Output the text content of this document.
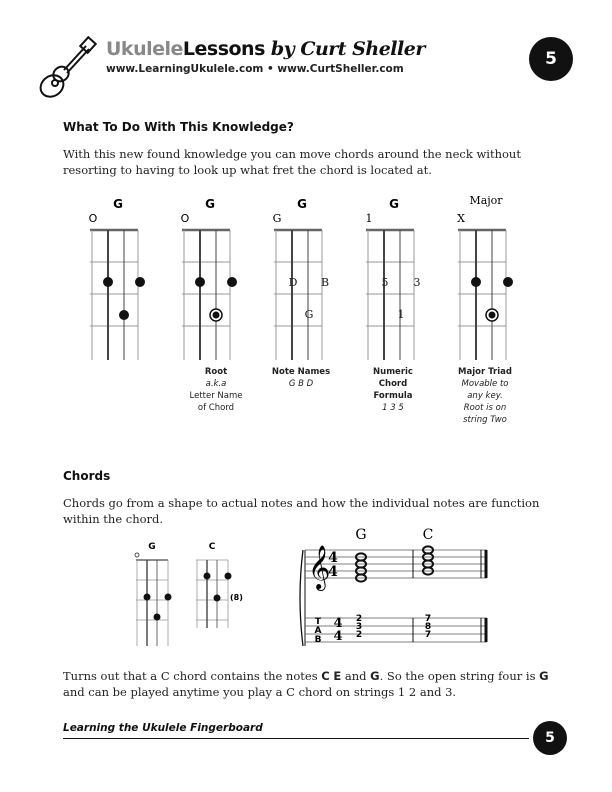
UkuleleLessons by Curt Sheller
www.LearningUkulele.com • www.CurtSheller.com	5
What To Do With This Knowledge?
With this new found knowledge you can move chords around the neck without resorting to having to look up what fret the chord is located at.
G
O
G
O
G
G
D B
G
G
1
5 3
1
Major
X
Root
a.k.a
Letter Name
of Chord
Note Names
G B D
Numeric Chord Formula
1 3 5
Major Triad
Movable to
any key.
Root is on
string Two
Chords
Chords go from a shape to actual notes and how the individual notes are function within the chord.
G	C
(8)
G	C
𝄞
4
4
T
A
B
4
4
2
3
2
7
8
7
Turns out that a C chord contains the notes C E and G. So the open string four is G and can be played anytime you play a C chord on strings 1 2 and 3.
Learning the Ukulele Fingerboard
5
